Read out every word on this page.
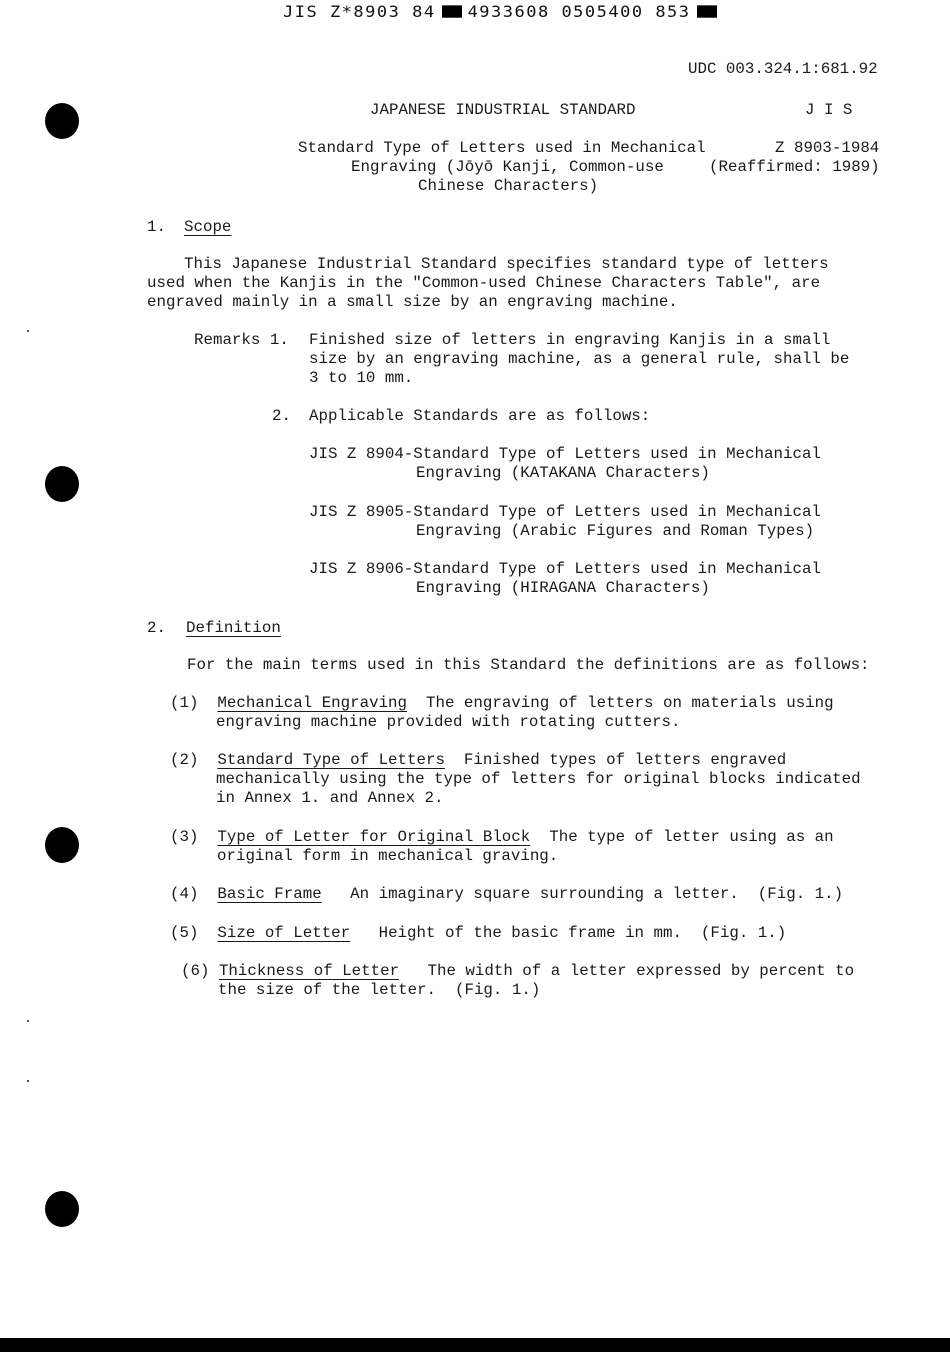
JIS Z*8903 84 4933608 0505400 853
UDC 003.324.1:681.92
JAPANESE INDUSTRIAL STANDARD	J I S
Standard Type of Letters used in Mechanical	Z 8903-1984
Engraving (Jōyō Kanji, Common-use	(Reaffirmed: 1989)
Chinese Characters)
1. Scope
This Japanese Industrial Standard specifies standard type of letters
used when the Kanjis in the "Common-used Chinese Characters Table", are
engraved mainly in a small size by an engraving machine.
Remarks 1. Finished size of letters in engraving Kanjis in a small
size by an engraving machine, as a general rule, shall be
3 to 10 mm.
2. Applicable Standards are as follows:
JIS Z 8904-Standard Type of Letters used in Mechanical
Engraving (KATAKANA Characters)
JIS Z 8905-Standard Type of Letters used in Mechanical
Engraving (Arabic Figures and Roman Types)
JIS Z 8906-Standard Type of Letters used in Mechanical
Engraving (HIRAGANA Characters)
2. Definition
For the main terms used in this Standard the definitions are as follows:
(1) Mechanical Engraving The engraving of letters on materials using
engraving machine provided with rotating cutters.
(2) Standard Type of Letters Finished types of letters engraved
mechanically using the type of letters for original blocks indicated
in Annex 1. and Annex 2.
(3) Type of Letter for Original Block The type of letter using as an
original form in mechanical graving.
(4) Basic Frame An imaginary square surrounding a letter.  (Fig. 1.)
(5) Size of Letter Height of the basic frame in mm.  (Fig. 1.)
(6) Thickness of Letter The width of a letter expressed by percent to
the size of the letter.  (Fig. 1.)
